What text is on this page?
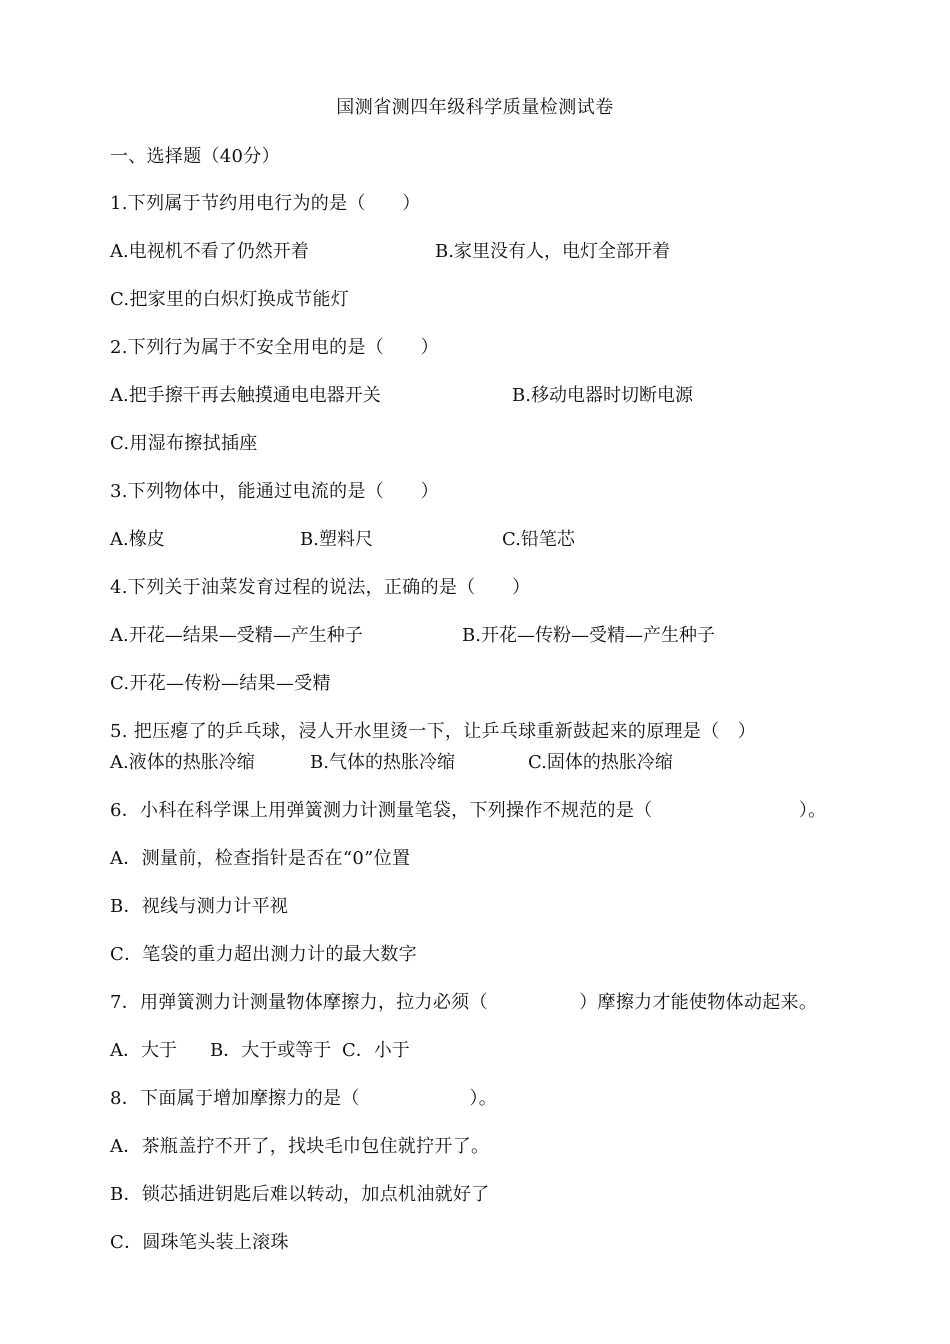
国测省测四年级科学质量检测试卷
一、选择题（40分）
1.下列属于节约用电行为的是（　　）
A.电视机不看了仍然开着	B.家里没有人，电灯全部开着
C.把家里的白炽灯换成节能灯
2.下列行为属于不安全用电的是（　　）
A.把手擦干再去触摸通电电器开关	B.移动电器时切断电源
C.用湿布擦拭插座
3.下列物体中，能通过电流的是（　　）
A.橡皮	B.塑料尺	C.铅笔芯
4.下列关于油菜发育过程的说法，正确的是（　　）
A.开花—结果—受精—产生种子	B.开花—传粉—受精—产生种子
C.开花—传粉—结果—受精
5. 把压瘪了的乒乓球，浸人开水里烫一下，让乒乓球重新鼓起来的原理是（　）
A.液体的热胀冷缩	B.气体的热胀冷缩	C.固体的热胀冷缩
6．小科在科学课上用弹簧测力计测量笔袋，下列操作不规范的是（　　　　　　　　）。
A．测量前，检查指针是否在“0”位置
B．视线与测力计平视
C．笔袋的重力超出测力计的最大数字
7．用弹簧测力计测量物体摩擦力，拉力必须（　　　　　）摩擦力才能使物体动起来。
A．大于 B．大于或等于 C．小于
8．下面属于增加摩擦力的是（　　　　　　）。
A．茶瓶盖拧不开了，找块毛巾包住就拧开了。
B．锁芯插进钥匙后难以转动，加点机油就好了
C．圆珠笔头装上滚珠
